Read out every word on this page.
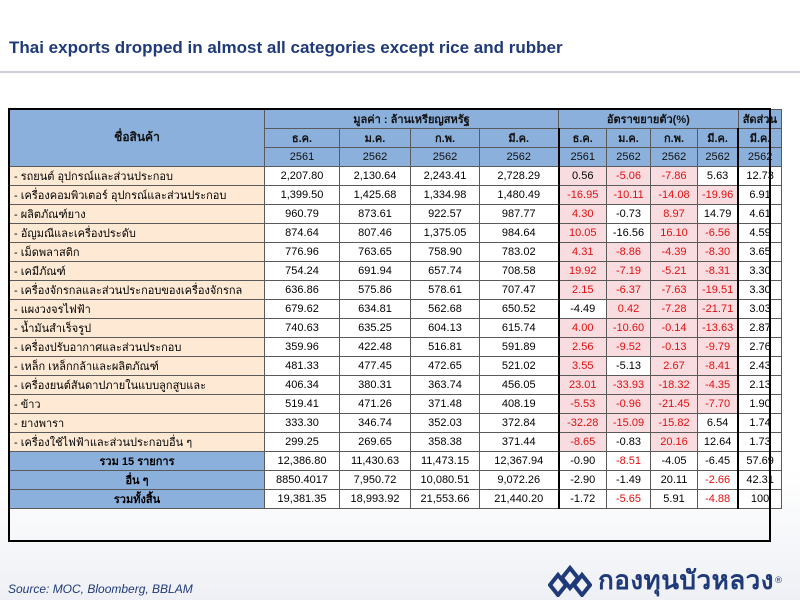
Thai exports dropped in almost all categories except rice and rubber
ชื่อสินค้า	มูลค่า : ล้านเหรียญสหรัฐ				อัตราขยายตัว(%)				สัดส่วน
	ธ.ค.	ม.ค.	ก.พ.	มี.ค.	ธ.ค.	ม.ค.	ก.พ.	มี.ค.	มี.ค.
	2561	2562	2562	2562	2561	2562	2562	2562	2562
- รถยนต์ อุปกรณ์และส่วนประกอบ	2,207.80	2,130.64	2,243.41	2,728.29	0.56	-5.06	-7.86	5.63	12.73
- เครื่องคอมพิวเตอร์ อุปกรณ์และส่วนประกอบ	1,399.50	1,425.68	1,334.98	1,480.49	-16.95	-10.11	-14.08	-19.96	6.91
- ผลิตภัณฑ์ยาง	960.79	873.61	922.57	987.77	4.30	-0.73	8.97	14.79	4.61
- อัญมณีและเครื่องประดับ	874.64	807.46	1,375.05	984.64	10.05	-16.56	16.10	-6.56	4.59
- เม็ดพลาสติก	776.96	763.65	758.90	783.02	4.31	-8.86	-4.39	-8.30	3.65
- เคมีภัณฑ์	754.24	691.94	657.74	708.58	19.92	-7.19	-5.21	-8.31	3.30
- เครื่องจักรกลและส่วนประกอบของเครื่องจักรกล	636.86	575.86	578.61	707.47	2.15	-6.37	-7.63	-19.51	3.30
- แผงวงจรไฟฟ้า	679.62	634.81	562.68	650.52	-4.49	0.42	-7.28	-21.71	3.03
- น้ำมันสำเร็จรูป	740.63	635.25	604.13	615.74	4.00	-10.60	-0.14	-13.63	2.87
- เครื่องปรับอากาศและส่วนประกอบ	359.96	422.48	516.81	591.89	2.56	-9.52	-0.13	-9.79	2.76
- เหล็ก เหล็กกล้าและผลิตภัณฑ์	481.33	477.45	472.65	521.02	3.55	-5.13	2.67	-8.41	2.43
- เครื่องยนต์สันดาปภายในแบบลูกสูบและ	406.34	380.31	363.74	456.05	23.01	-33.93	-18.32	-4.35	2.13
- ข้าว	519.41	471.26	371.48	408.19	-5.53	-0.96	-21.45	-7.70	1.90
- ยางพารา	333.30	346.74	352.03	372.84	-32.28	-15.09	-15.82	6.54	1.74
- เครื่องใช้ไฟฟ้าและส่วนประกอบอื่น ๆ	299.25	269.65	358.38	371.44	-8.65	-0.83	20.16	12.64	1.73
รวม 15 รายการ	12,386.80	11,430.63	11,473.15	12,367.94	-0.90	-8.51	-4.05	-6.45	57.69
อื่น ๆ	8850.4017	7,950.72	10,080.51	9,072.26	-2.90	-1.49	20.11	-2.66	42.31
รวมทั้งสิ้น	19,381.35	18,993.92	21,553.66	21,440.20	-1.72	-5.65	5.91	-4.88	100
Source: MOC, Bloomberg, BBLAM	กองทุนบัวหลวง ®
